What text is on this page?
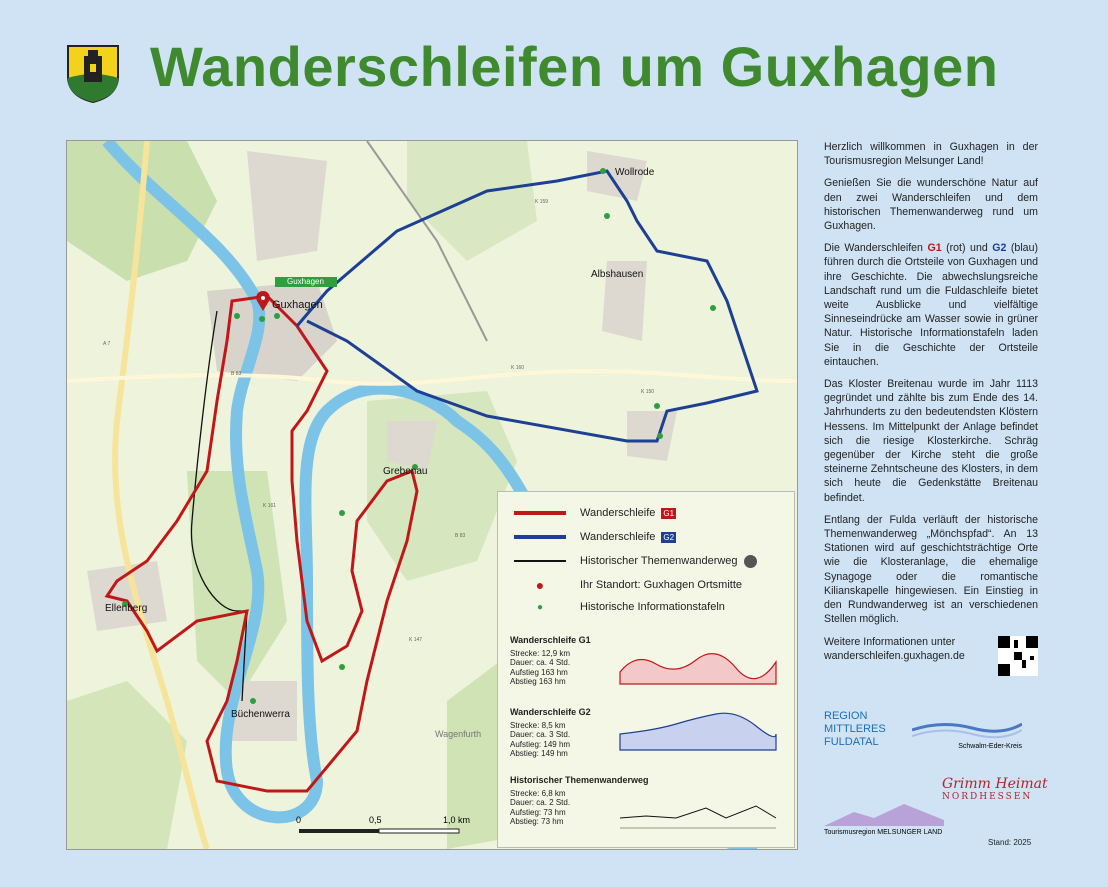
Wanderschleifen um Guxhagen
Guxhagen
Wollrode
Albshausen
Grebenau
Ellenberg
Büchenwerra
Wagenfurth
Guxhagen
K 159
K 160
K 161
B 83
A 7
K 147
K 150
B 83
0	0,5	1,0 km
Wanderschleife G1
Wanderschleife G2
Historischer Themenwanderweg
●	Ihr Standort: Guxhagen Ortsmitte
●	Historische Informationstafeln
Wanderschleife G1
Strecke: 12,9 km
Dauer: ca. 4 Std.
Aufstieg 163 hm
Abstieg 163 hm
Wanderschleife G2
Strecke: 8,5 km
Dauer: ca. 3 Std.
Aufstieg: 149 hm
Abstieg: 149 hm
Historischer Themenwanderweg
Strecke: 6,8 km
Dauer: ca. 2 Std.
Aufstieg: 73 hm
Abstieg: 73 hm

Herzlich willkommen in Guxhagen in der Tourismusregion Melsunger Land!

Genießen Sie die wunderschöne Natur auf den zwei Wanderschleifen und dem historischen Themenwanderweg rund um Guxhagen.

Die Wanderschleifen G1 (rot) und G2 (blau) führen durch die Ortsteile von Guxhagen und ihre Geschichte. Die abwechslungsreiche Landschaft rund um die Fuldaschleife bietet weite Ausblicke und vielfältige Sinneseindrücke am Wasser sowie in grüner Natur. Historische Informationstafeln laden Sie in die Geschichte der Ortsteile eintauchen.

Das Kloster Breitenau wurde im Jahr 1113 gegründet und zählte bis zum Ende des 14. Jahrhunderts zu den bedeutendsten Klöstern Hessens. Im Mittelpunkt der Anlage befindet sich die riesige Klosterkirche. Schräg gegenüber der Kirche steht die große steinerne Zehntscheune des Klosters, in dem sich heute die Gedenkstätte Breitenau befindet.

Entlang der Fulda verläuft der historische Themenwanderweg „Mönchspfad“. An 13 Stationen wird auf geschichtsträchtige Orte wie die Klosteranlage, die ehemalige Synagoge oder die romantische Kilianskapelle hingewiesen. Ein Einstieg in den Rundwanderweg ist an verschiedenen Stellen möglich.

Weitere Informationen unter wanderschleifen.guxhagen.de

REGION
MITTLERES
FULDATAL	Schwalm-Eder-Kreis
Grimm Heimat
NORDHESSEN
Tourismusregion MELSUNGER LAND
Stand: 2025
